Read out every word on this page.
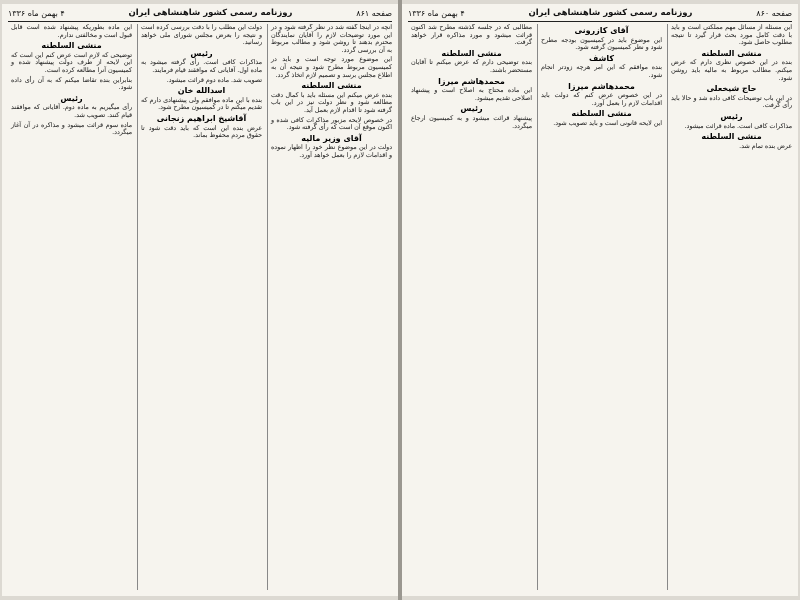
صفحه ۸۶۱
روزنامه رسمی کشور شاهنشاهی ایران
۴ بهمن ماه ۱۳۳۶

آنچه در اینجا گفته شد در نظر گرفته شود و در این مورد توضیحات لازم را آقایان نمایندگان محترم بدهند تا روشن شود و مطالب مربوط به آن بررسی گردد.

این موضوع مورد توجه است و باید در کمیسیون مربوط مطرح شود و نتیجه آن به اطلاع مجلس برسد و تصمیم لازم اتخاذ گردد.

منشی السلطنه

بنده عرض میکنم این مسئله باید با کمال دقت مطالعه شود و نظر دولت نیز در این باب گرفته شود تا اقدام لازم بعمل آید.

در خصوص لایحه مزبور مذاکرات کافی شده و اکنون موقع آن است که رأی گرفته شود.

آقای وزیر مالیه

دولت در این موضوع نظر خود را اظهار نموده و اقدامات لازم را بعمل خواهد آورد.

دولت این مطلب را با دقت بررسی کرده است و نتیجه را بعرض مجلس شورای ملی خواهد رسانید.

رئیس

مذاکرات کافی است. رأی گرفته میشود به ماده اول. آقایانی که موافقند قیام فرمایند.

تصویب شد. ماده دوم قرائت میشود.

اسدالله خان

بنده با این ماده موافقم ولی پیشنهادی دارم که تقدیم میکنم تا در کمیسیون مطرح شود.

آقاشیخ ابراهیم زنجانی

عرض بنده این است که باید دقت شود تا حقوق مردم محفوظ بماند.

این ماده بطوریکه پیشنهاد شده است قابل قبول است و مخالفتی ندارم.

منشی السلطنه

توضیحی که لازم است عرض کنم این است که این لایحه از طرف دولت پیشنهاد شده و کمیسیون آنرا مطالعه کرده است.

بنابراین بنده تقاضا میکنم که به آن رأی داده شود.

رئیس

رأی میگیریم به ماده دوم. آقایانی که موافقند قیام کنند. تصویب شد.

ماده سوم قرائت میشود و مذاکره در آن آغاز میگردد.

صفحه ۸۶۰
روزنامه رسمی کشور شاهنشاهی ایران
۴ بهمن ماه ۱۳۳۶

این مسئله از مسائل مهم مملکتی است و باید با دقت کامل مورد بحث قرار گیرد تا نتیجه مطلوب حاصل شود.

منشی السلطنه

بنده در این خصوص نظری دارم که عرض میکنم. مطالب مربوط به مالیه باید روشن شود.

حاج شیخعلی

در این باب توضیحات کافی داده شد و حالا باید رأی گرفت.

رئیس

مذاکرات کافی است. ماده قرائت میشود.

منشی السلطنه

عرض بنده تمام شد.

آقای کازرونی

این موضوع باید در کمیسیون بودجه مطرح شود و نظر کمیسیون گرفته شود.

کاشف

بنده موافقم که این امر هرچه زودتر انجام شود.

محمدهاشم میرزا

در این خصوص عرض کنم که دولت باید اقدامات لازم را بعمل آورد.

منشی السلطنه

این لایحه قانونی است و باید تصویب شود.

مطالبی که در جلسه گذشته مطرح شد اکنون قرائت میشود و مورد مذاکره قرار خواهد گرفت.

منشی السلطنه

بنده توضیحی دارم که عرض میکنم تا آقایان مستحضر باشند.

محمدهاشم میرزا

این ماده محتاج به اصلاح است و پیشنهاد اصلاحی تقدیم میشود.

رئیس

پیشنهاد قرائت میشود و به کمیسیون ارجاع میگردد.
